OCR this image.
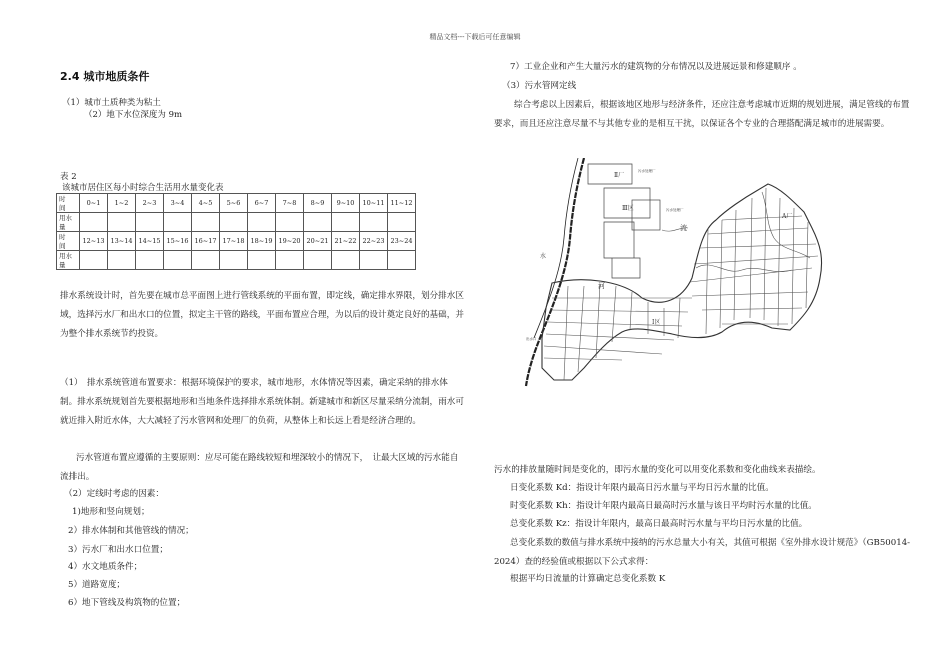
精品文档---下载后可任意编辑
2.4 城市地质条件
（1）城市土质种类为粘土
（2）地下水位深度为 9m
表 2
该城市居住区每小时综合生活用水量变化表
时　间	0~1	1~2	2~3	3~4	4~5	5~6	6~7	7~8	8~9	9~10	10~11	11~12
用水量												
时　间	12~13	13~14	14~15	15~16	16~17	17~18	18~19	19~20	20~21	21~22	22~23	23~24
用水量												
排水系统设计时，首先要在城市总平面图上进行管线系统的平面布置，即定线，确定排水界限，划分排水区域，选择污水厂和出水口的位置，拟定主干管的路线，平面布置应合理，为以后的设计奠定良好的基础，并为整个排水系统节约投资。
（1）　排水系统管道布置要求：根据环境保护的要求，城市地形，水体情况等因素，确定采纳的排水体制。排水系统规划首先要根据地形和当地条件选择排水系统体制。新建城市和新区尽量采纳分流制，雨水可就近排入附近水体，大大减轻了污水管网和处理厂的负荷，从整体上和长远上看是经济合理的。
污水管道布置应遵循的主要原则：应尽可能在路线较短和埋深较小的情况下，　让最大区域的污水能自流排出。
（2）定线时考虑的因素：
1)地形和竖向规划；
2）排水体制和其他管线的情况；
3）污水厂和出水口位置；
4）水文地质条件；
5）道路宽度；
6）地下管线及构筑物的位置；
7）工业企业和产生大量污水的建筑物的分布情况以及进展远景和修建顺序 。
（3）污水管网定线
综合考虑以上因素后，根据该地区地形与经济条件，还应注意考虑城市近期的规划进展，满足管线的布置要求，而且还应注意尽量不与其他专业的是相互干扰，以保证各个专业的合理搭配满足城市的进展需要。
Ⅱ厂
污水处理厂
Ⅲ区	污水处理厂
A厂
流
水
河
Ⅰ区
出水口
污水的排放量随时间是变化的，即污水量的变化可以用变化系数和变化曲线来表描绘。
日变化系数 Kd：指设计年限内最高日污水量与平均日污水量的比值。
时变化系数 Kh：指设计年限内最高日最高时污水量与该日平均时污水量的比值。
总变化系数 Kz：指设计年限内，最高日最高时污水量与平均日污水量的比值。
总变化系数的数值与排水系统中接纳的污水总量大小有关，其值可根据《室外排水设计规范》（GB50014-2024）查的经验值或根据以下公式求得：
根据平均日流量的计算确定总变化系数 K
